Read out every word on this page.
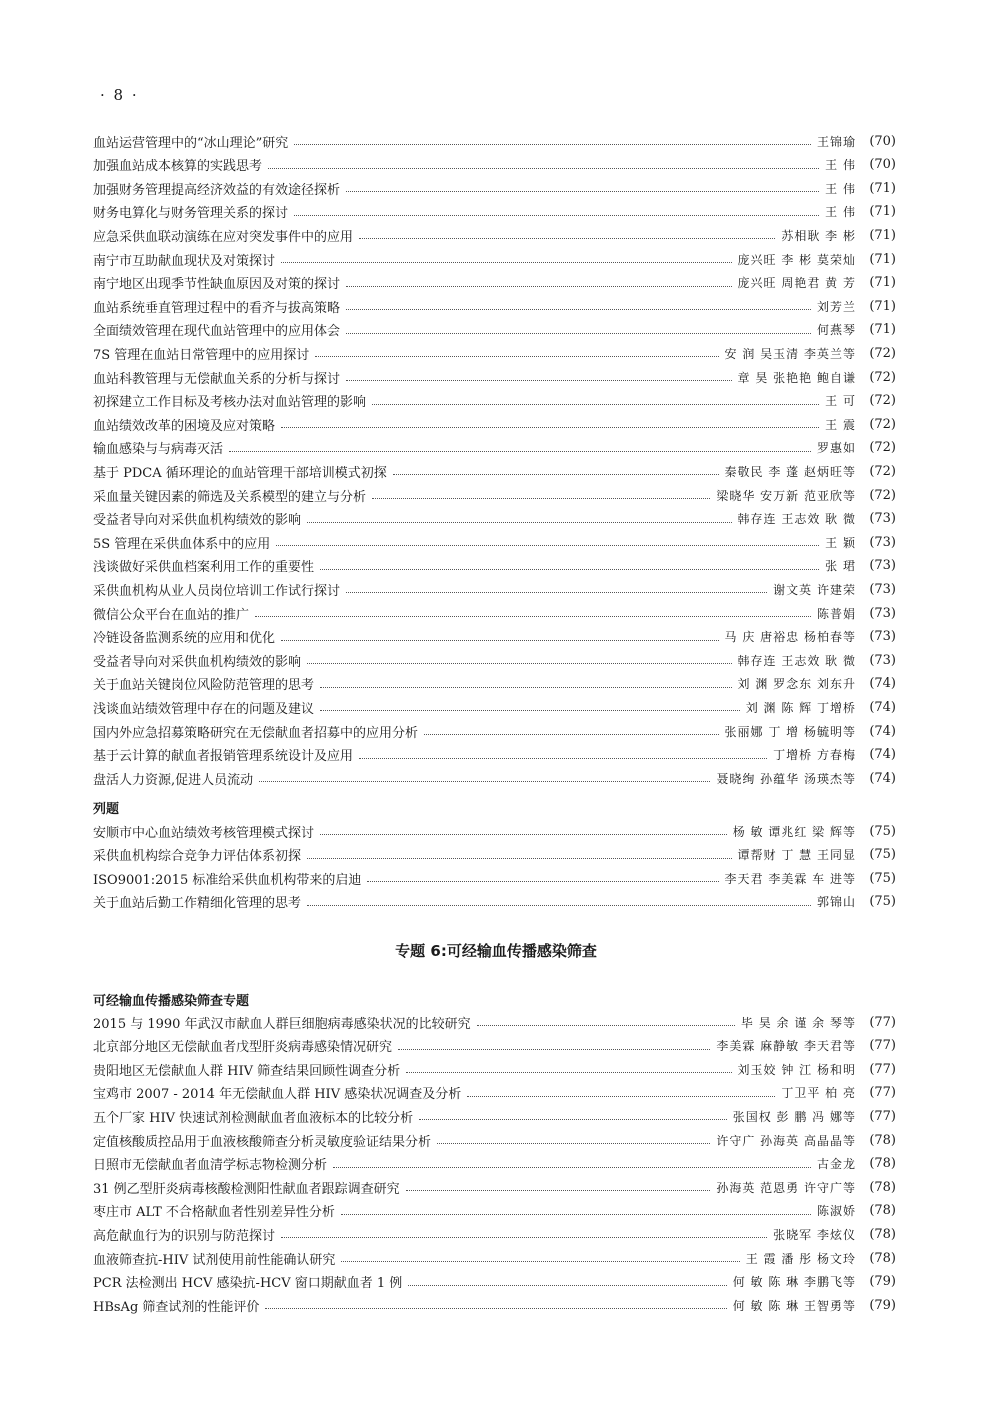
· 8 ·
血站运营管理中的“冰山理论”研究	王锦瑜	(70)
加强血站成本核算的实践思考	王 伟	(70)
加强财务管理提高经济效益的有效途径探析	王 伟	(71)
财务电算化与财务管理关系的探讨	王 伟	(71)
应急采供血联动演练在应对突发事件中的应用	苏相耿 李 彬	(71)
南宁市互助献血现状及对策探讨	庞兴旺 李 彬 莫荣灿	(71)
南宁地区出现季节性缺血原因及对策的探讨	庞兴旺 周艳君 黄 芳	(71)
血站系统垂直管理过程中的看齐与拔高策略	刘芳兰	(71)
全面绩效管理在现代血站管理中的应用体会	何燕琴	(71)
7S 管理在血站日常管理中的应用探讨	安 润 吴玉清 李英兰等	(72)
血站科教管理与无偿献血关系的分析与探讨	章 昊 张艳艳 鲍自谦	(72)
初探建立工作目标及考核办法对血站管理的影响	王 可	(72)
血站绩效改革的困境及应对策略	王 震	(72)
输血感染与与病毒灭活	罗惠如	(72)
基于 PDCA 循环理论的血站管理干部培训模式初探	秦敬民 李 蓬 赵炳旺等	(72)
采血量关键因素的筛选及关系模型的建立与分析	梁晓华 安万新 范亚欣等	(72)
受益者导向对采供血机构绩效的影响	韩存连 王志效 耿 微	(73)
5S 管理在采供血体系中的应用	王 颖	(73)
浅谈做好采供血档案利用工作的重要性	张 珺	(73)
采供血机构从业人员岗位培训工作试行探讨	谢文英 许建荣	(73)
微信公众平台在血站的推广	陈普娟	(73)
冷链设备监测系统的应用和优化	马 庆 唐裕忠 杨柏春等	(73)
受益者导向对采供血机构绩效的影响	韩存连 王志效 耿 微	(73)
关于血站关键岗位风险防范管理的思考	刘 渊 罗念东 刘东升	(74)
浅谈血站绩效管理中存在的问题及建议	刘 渊 陈 辉 丁增桥	(74)
国内外应急招募策略研究在无偿献血者招募中的应用分析	张丽娜 丁 增 杨毓明等	(74)
基于云计算的献血者报销管理系统设计及应用	丁增桥 方春梅	(74)
盘活人力资源,促进人员流动	聂晓绚 孙蕴华 汤瑛杰等	(74)
列题
安顺市中心血站绩效考核管理模式探讨	杨 敏 谭兆红 梁 辉等	(75)
采供血机构综合竞争力评估体系初探	谭帮财 丁 慧 王同显	(75)
ISO9001:2015 标准给采供血机构带来的启迪	李天君 李美霖 车 进等	(75)
关于血站后勤工作精细化管理的思考	郭锦山	(75)
专题 6:可经输血传播感染筛查
可经输血传播感染筛查专题
2015 与 1990 年武汉市献血人群巨细胞病毒感染状况的比较研究	毕 昊 余 谨 余 琴等	(77)
北京部分地区无偿献血者戊型肝炎病毒感染情况研究	李美霖 麻静敏 李天君等	(77)
贵阳地区无偿献血人群 HIV 筛查结果回顾性调查分析	刘玉姣 钟 江 杨和明	(77)
宝鸡市 2007 - 2014 年无偿献血人群 HIV 感染状况调查及分析	丁卫平 柏 亮	(77)
五个厂家 HIV 快速试剂检测献血者血液标本的比较分析	张国权 彭 鹏 冯 娜等	(77)
定值核酸质控品用于血液核酸筛查分析灵敏度验证结果分析	许守广 孙海英 高晶晶等	(78)
日照市无偿献血者血清学标志物检测分析	古金龙	(78)
31 例乙型肝炎病毒核酸检测阳性献血者跟踪调查研究	孙海英 范恩勇 许守广等	(78)
枣庄市 ALT 不合格献血者性别差异性分析	陈淑娇	(78)
高危献血行为的识别与防范探讨	张晓军 李炫仪	(78)
血液筛查抗-HIV 试剂使用前性能确认研究	王 霞 潘 彤 杨文玲	(78)
PCR 法检测出 HCV 感染抗-HCV 窗口期献血者 1 例	何 敏 陈 琳 李鹏飞等	(79)
HBsAg 筛查试剂的性能评价	何 敏 陈 琳 王智勇等	(79)
